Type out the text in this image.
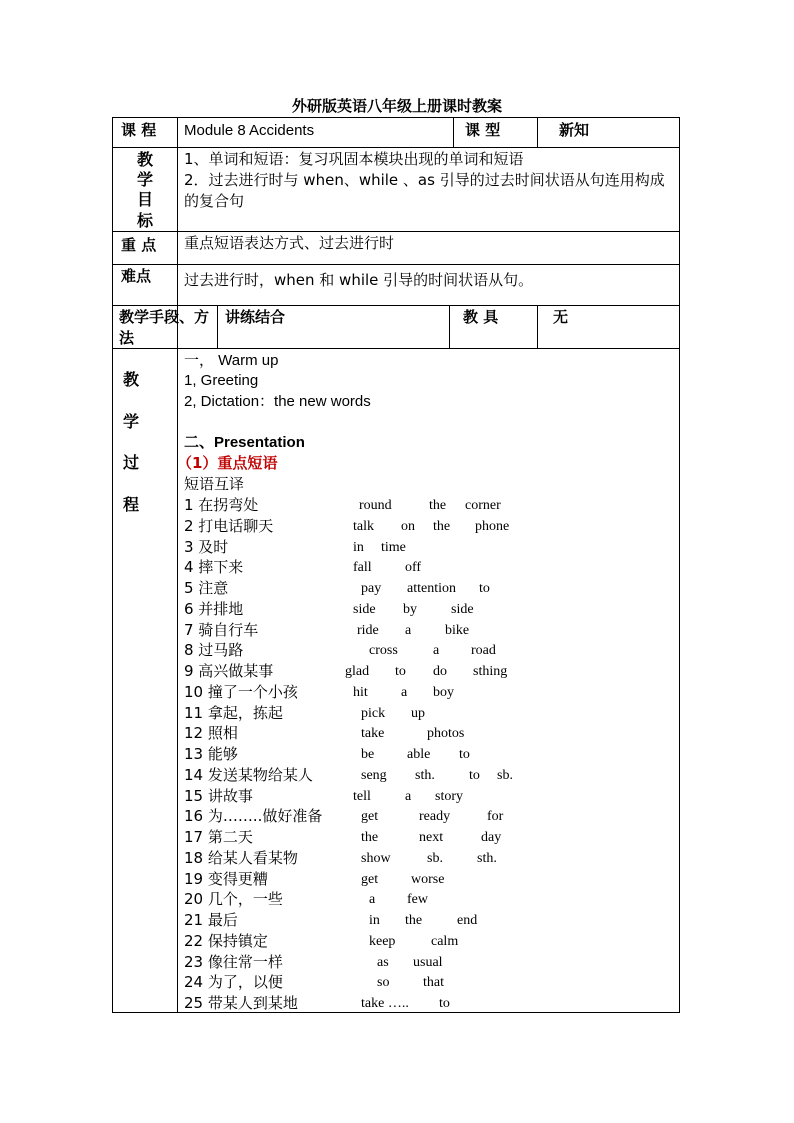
外研版英语八年级上册课时教案
课 程 Module 8 Accidents	课 型	新知
教
学
目
标
1、单词和短语：复习巩固本模块出现的单词和短语
2．过去进行时与 when、while 、as 引导的过去时间状语从句连用构成
的复合句
重 点 重点短语表达方式、过去进行时
难点 过去进行时，when 和 while 引导的时间状语从句。
教学手段、方
法
讲练结合	教 具	无
教
学
过
程
一， Warm up
1, Greeting
2, Dictation：the new words
二、Presentation
（1）重点短语
短语互译
1 在拐弯处	round	the corner
2 打电话聊天	talk on the phone
3 及时	in time
4 摔下来	fall off
5 注意	pay attention to
6 并排地	side by side
7 骑自行车	ride a bike
8 过马路	cross	a road
9 高兴做某事	glad to do sthing
10 撞了一个小孩	hit a boy
11 拿起，拣起	pick up
12 照相	take	photos
13 能够	be able to
14 发送某物给某人	seng sth. to sb.
15 讲故事	tell a story
16 为……..做好准备	get	ready	for
17 第二天	the	next	day
18 给某人看某物	show	sb. sth.
19 变得更糟	get worse
20 几个，一些	a few
21 最后	in the end
22 保持镇定	keep	calm
23 像往常一样	as usual
24 为了，以便	so that
25 带某人到某地	take ….. to
